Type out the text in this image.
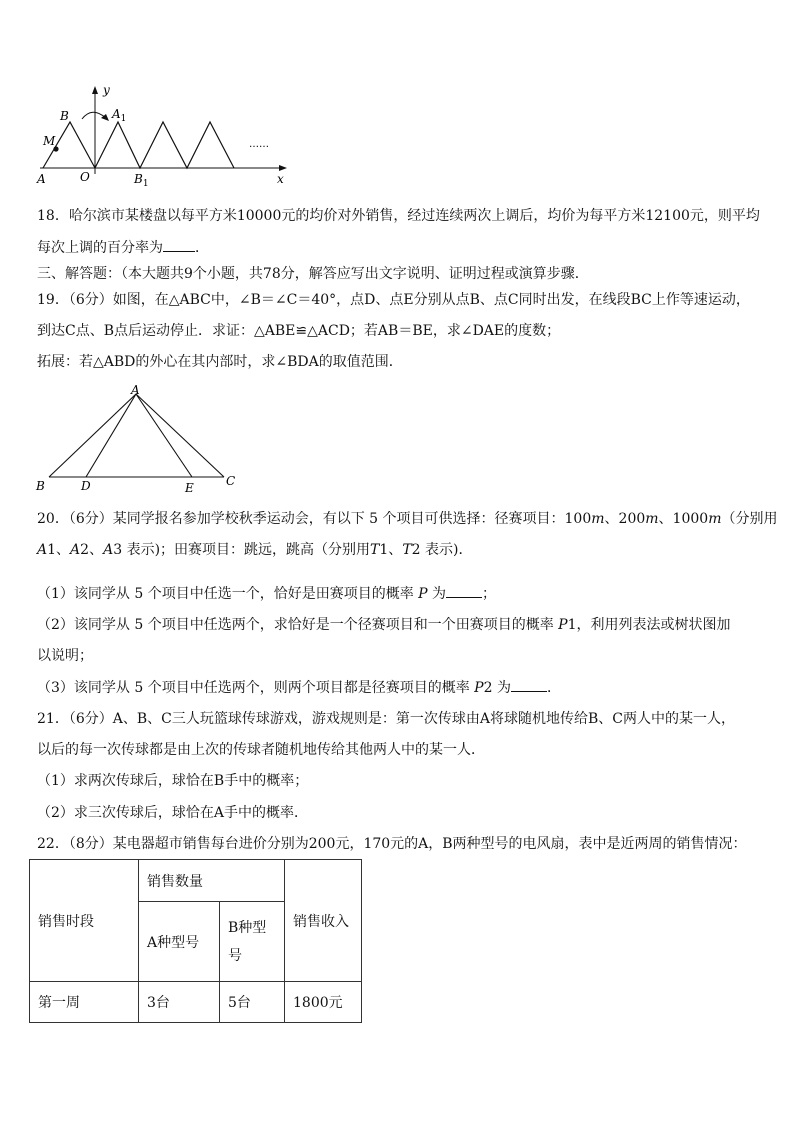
y
x
B	$A_1$
M
A	O	$B_1$
……
18．哈尔滨市某楼盘以每平方米10000元的均价对外销售，经过连续两次上调后，均价为每平方米12100元，则平均
每次上调的百分率为 ．
三、解答题：（本大题共9个小题，共78分，解答应写出文字说明、证明过程或演算步骤．
19．（6分）如图，在△ABC中，∠B＝∠C＝40°，点D、点E分别从点B、点C同时出发，在线段BC上作等速运动，
到达C点、B点后运动停止．求证：△ABE≌△ACD；若AB＝BE，求∠DAE的度数；
拓展：若△ABD的外心在其内部时，求∠BDA的取值范围．
A
B	C
D	E
20．（6分）某同学报名参加学校秋季运动会，有以下 5 个项目可供选择：径赛项目：100m、200m、1000m（分别用
A1、A2、A3 表示)；田赛项目：跳远，跳高（分别用T1、T2 表示)．
（1）该同学从 5 个项目中任选一个，恰好是田赛项目的概率 P 为	；
（2）该同学从 5 个项目中任选两个，求恰好是一个径赛项目和一个田赛项目的概率 P1，利用列表法或树状图加
以说明；
（3）该同学从 5 个项目中任选两个，则两个项目都是径赛项目的概率 P2 为	．
21．（6分）A、B、C三人玩篮球传球游戏，游戏规则是：第一次传球由A将球随机地传给B、C两人中的某一人，
以后的每一次传球都是由上次的传球者随机地传给其他两人中的某一人．
（1）求两次传球后，球恰在B手中的概率；
（2）求三次传球后，球恰在A手中的概率．
22．（8分）某电器超市销售每台进价分别为200元，170元的A，B两种型号的电风扇，表中是近两周的销售情况：
销售时段	销售数量		销售收入
	A种型号	B种型
号	
第一周	3台	5台	1800元
